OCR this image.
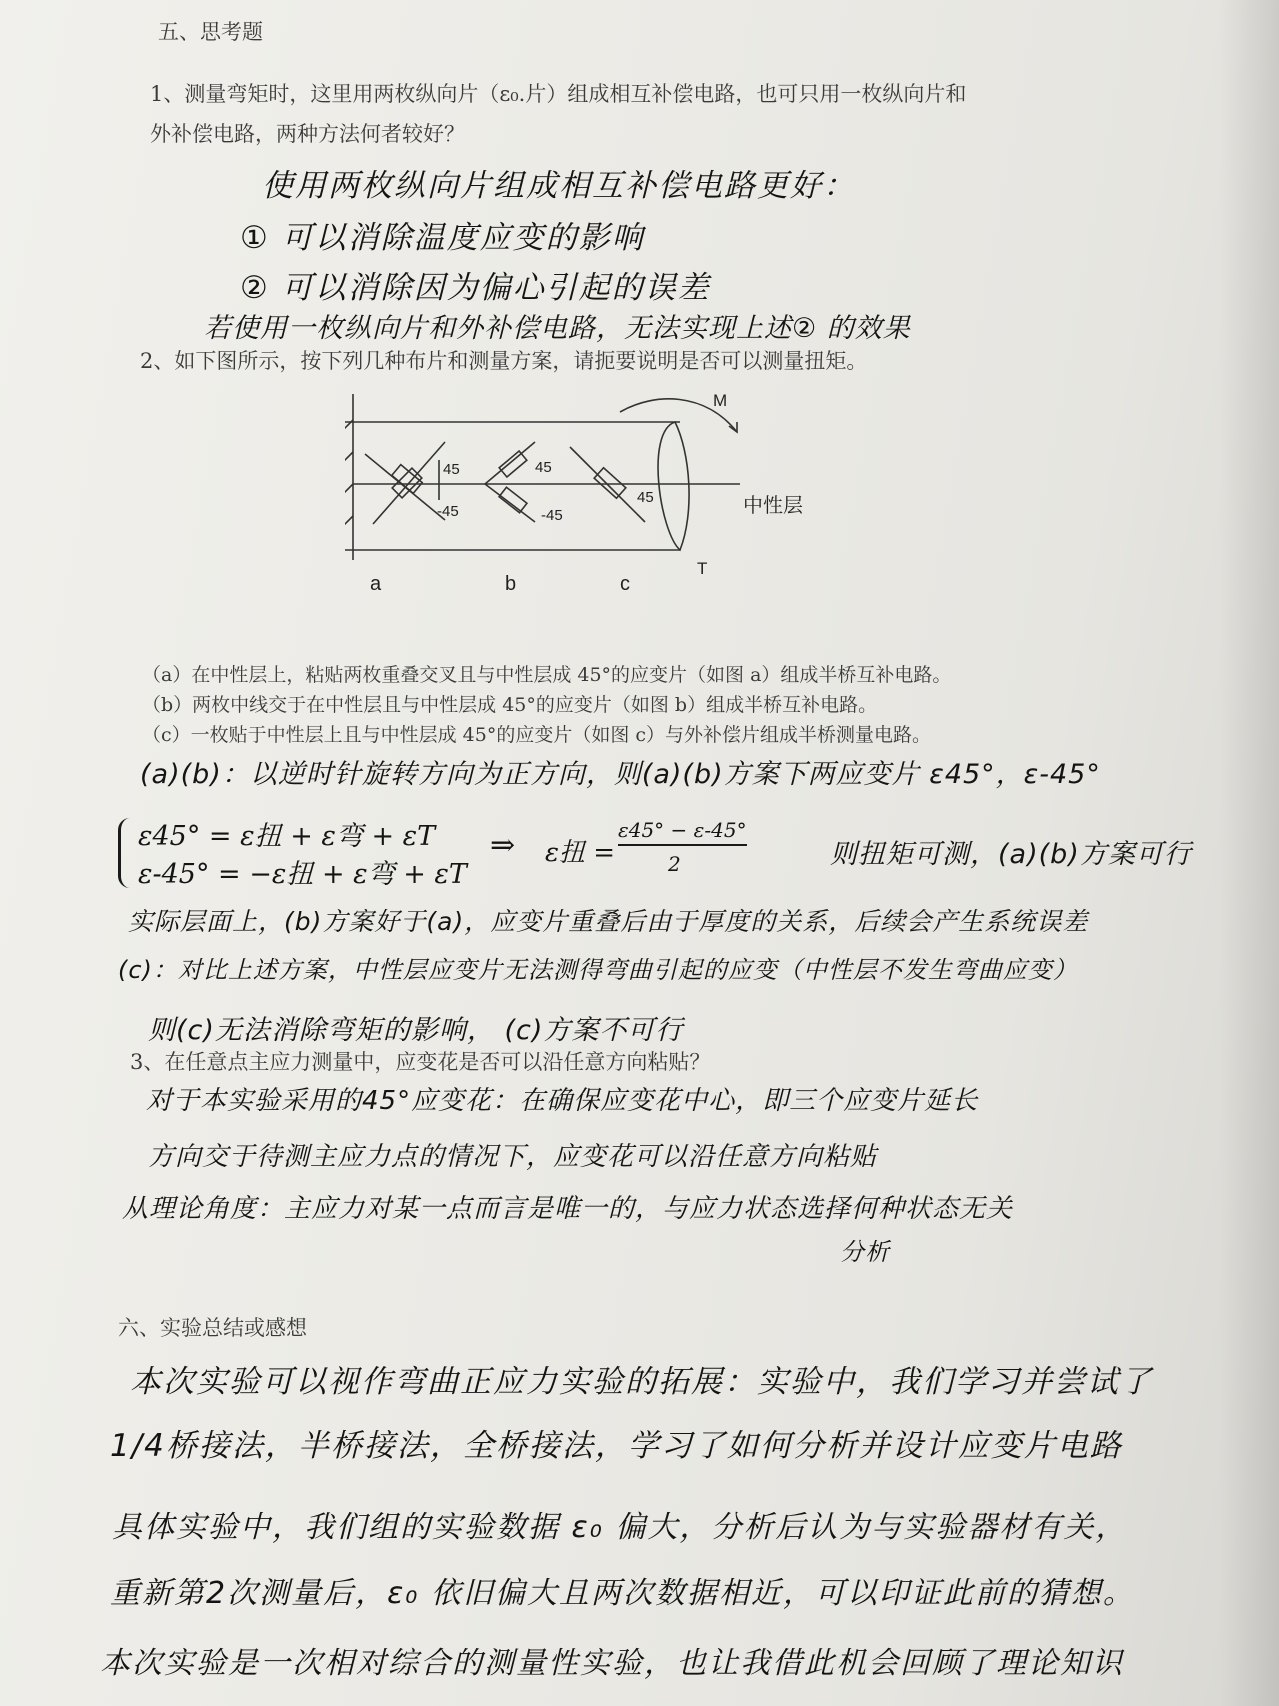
五、思考题
1、测量弯矩时，这里用两枚纵向片（ε₀.片）组成相互补偿电路，也可只用一枚纵向片和
外补偿电路，两种方法何者较好？
使用两枚纵向片组成相互补偿电路更好：
① 可以消除温度应变的影响
② 可以消除因为偏心引起的误差
若使用一枚纵向片和外补偿电路，无法实现上述② 的效果
2、如下图所示，按下列几种布片和测量方案，请扼要说明是否可以测量扭矩。
M
T
中性层
a	b	c
45
-45
45
-45
45
（a）在中性层上，粘贴两枚重叠交叉且与中性层成 45°的应变片（如图 a）组成半桥互补电路。
（b）两枚中线交于在中性层且与中性层成 45°的应变片（如图 b）组成半桥互补电路。
（c）一枚贴于中性层上且与中性层成 45°的应变片（如图 c）与外补偿片组成半桥测量电路。
(a)(b)：以逆时针旋转方向为正方向，则(a)(b)方案下两应变片 ε45°，ε-45°
ε45° = ε扭 + ε弯 + εT
ε-45° = −ε扭 + ε弯 + εT
⇒ ε扭 =
ε45° − ε-45°
2	则扭矩可测，(a)(b)方案可行
实际层面上，(b)方案好于(a)，应变片重叠后由于厚度的关系，后续会产生系统误差
(c)：对比上述方案，中性层应变片无法测得弯曲引起的应变（中性层不发生弯曲应变）
则(c)无法消除弯矩的影响， (c)方案不可行
3、在任意点主应力测量中，应变花是否可以沿任意方向粘贴？
对于本实验采用的45°应变花：在确保应变花中心，即三个应变片延长
方向交于待测主应力点的情况下，应变花可以沿任意方向粘贴
从理论角度：主应力对某一点而言是唯一的，与应力状态选择何种状态无关
分析
六、实验总结或感想
本次实验可以视作弯曲正应力实验的拓展：实验中，我们学习并尝试了
1/4桥接法，半桥接法，全桥接法，学习了如何分析并设计应变片电路
具体实验中，我们组的实验数据 ε₀ 偏大，分析后认为与实验器材有关，
重新第2次测量后，ε₀ 依旧偏大且两次数据相近，可以印证此前的猜想。
本次实验是一次相对综合的测量性实验，也让我借此机会回顾了理论知识
